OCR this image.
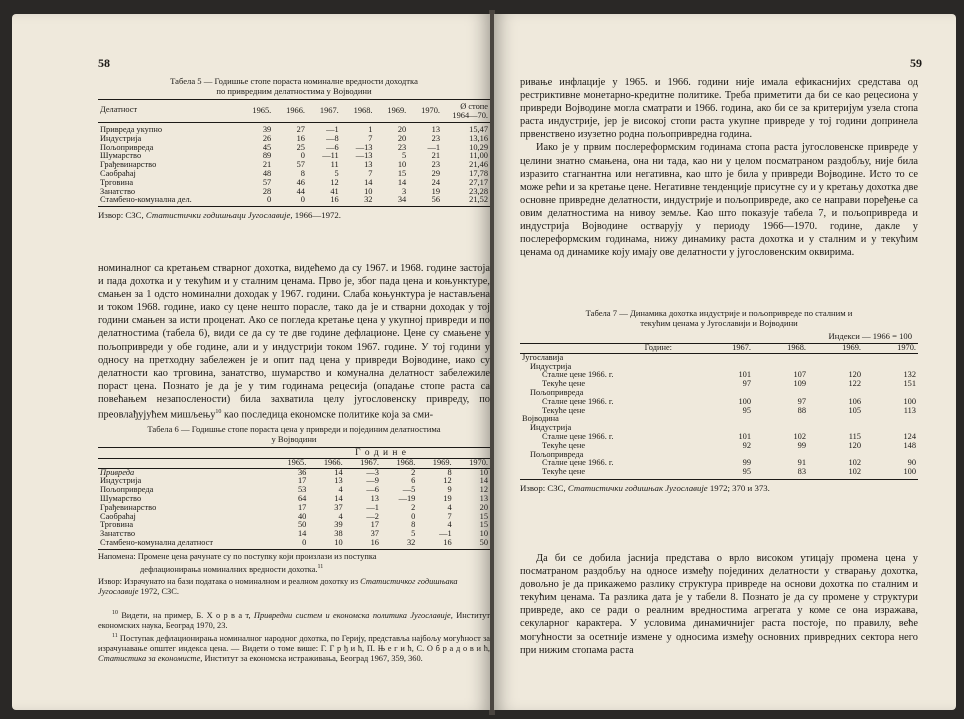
58

Табела 5 — Годишње стопе пораста номиналне вредности доходтка
по привредним делатностима у Војводини

Делатност	1965.	1966.	1967.	1968.	1969.	1970.	Ø стопе 1964—70.

Привреда укупно	39	27	—1	1	20	13	15,47
Индустрија	26	16	—8	7	20	23	13,16
Пољопривреда	45	25	—6	—13	23	—1	10,29
Шумарство	89	0	—11	—13	5	21	11,00
Грађевинарство	21	57	11	13	10	23	21,46
Саобраћај	48	8	5	7	15	29	17,78
Трговина	57	46	12	14	14	24	27,17
Занатство	28	44	41	10	3	19	23,28
Стамбено-комунална дел.	0	0	16	32	34	56	21,52

Извор: СЗС, Статистички годишњаци Југославије, 1966—1972.

номиналног са кретањем стварног дохотка, видећемо да су 1967. и 1968. године застоја и пада дохотка и у текућим и у сталним ценама. Прво је, због пада цена и коњунктуре, смањен за 1 одсто номинални доходак у 1967. години. Слаба коњунктура је настављена и током 1968. године, иако су цене нешто порасле, тако да је и стварни доходак у тој години смањен за исти проценат. Ако се погледа кретање цена у укупној привреди и по делатностима (табела 6), види се да су те две године дефлационе. Цене су смањене у пољопривреди у обе године, али и у индустрији током 1967. године. У тој години у односу на претходну забележен је и опит пад цена у привреди Војводине, иако су делатности као трговина, занатство, шумарство и комунална делатност забележиле пораст цена. Познато је да је у тим годинама рецесија (опадање стопе раста са повећањем незапослености) била захватила целу југословенску привреду, по преовлађујућем мишљењу$^{10}$ као последица економске политике која за сми-

Табела 6 — Годишње стопе пораста цена у привреди и појединим делатностима
у Војводини

	Г о д и н е					
	1965.	1966.	1967.	1968.	1969.	1970.
Привреда	36	14	—3	2	8	10
Индустрија	17	13	—9	6	12	14
Пољопривреда	53	4	—6	—5	9	12
Шумарство	64	14	13	—19	19	13
Грађевинарство	17	37	—1	2	4	20
Саобраћај	40	4	—2	0	7	15
Трговина	50	39	17	8	4	15
Занатство	14	38	37	5	—1	10
Стамбено-комунална делатност	0	10	16	32	16	50

Напомена: Промене цена рачунате су по поступку који произлази из поступка
дефлационирања номиналних вредности дохотка.$^{11}$

Извор: Израчунато на бази података о номиналном и реалном дохотку из Статистичког годишњака Југославије 1972, СЗС.

$^{10}$ Видети, на пример, Б. Х о р в а т, Привредни систем и економска политика Југославије, Институт економских наука, Београд 1970, 23.

$^{11}$ Поступак дефлационирања номиналног народног дохотка, по Герију, представља најбољу могућност за израчунавање општег индекса цена. — Видети о томе више: Г. Г р ђ и ћ, П. Њ е г и ћ, С. О б р а д о в и ћ, Статистика за економисте, Институт за економска истраживања, Београд 1967, 359, 360.

59

ривање инфлације у 1965. и 1966. години није имала ефикаснијих средстава од рестриктивне монетарно-кредитне политике. Треба приметити да би се као рецесиона у привреди Војводине могла сматрати и 1966. година, ако би се за критеријум узела стопа раста индустрије, јер је високој стопи раста укупне привреде у тој години допринела првенствено изузетно родна пољопривредна година.

Иако је у првим послереформским годинама стопа раста југословенске привреде у целини знатно смањена, она ни тада, као ни у целом посматраном раздобљу, није била изразито стагнантна или негативна, као што је била у привреди Војводине. Исто то се може рећи и за кретање цене. Негативне тенденције присутне су и у кретању дохотка две основне привредне делатности, индустрије и пољопривреде, ако се направи поређење са овим делатностима на нивоу земље. Као што показује табела 7, и пољопривреда и индустрија Војводине остварују у периоду 1966—1970. године, дакле у послереформским годинама, нижу динамику раста дохотка и у сталним и у текућим ценама од динамике коју имају ове делатности у југословенским оквирима.

Табела 7 — Динамика дохотка индустрије и пољопривреде по сталним и
текућим ценама у Југославији и Војводини

Индекси — 1966 = 100
Године:	1967.	1968.	1969.	1970.
Југославија				
Индустрија				
Сталне цене 1966. г.	101	107	120	132
Текуће цене	97	109	122	151
Пољопривреда				
Сталне цене 1966. г.	100	97	106	100
Текуће цене	95	88	105	113
Војводина				
Индустрија				
Сталне цене 1966. г.	101	102	115	124
Текуће цене	92	99	120	148
Пољопривреда				
Сталне цене 1966. г.	99	91	102	90
Текуће цене	95	83	102	100

Извор: СЗС, Статистички годишњак Југославије 1972; 370 и 373.

Да би се добила јаснија представа о врло високом утицају промена цена у посматраном раздобљу на односе између појединих делатности у стварању дохотка, довољно је да прикажемо разлику структура привреде на основи дохотка по сталним и текућим ценама. Та разлика дата је у табели 8. Познато је да су промене у структури привреде, ако се ради о реалним вредностима агрегата у коме се она изражава, секуларног карактера. У условима динамичнијег раста постоје, по правилу, веће могућности за осетније измене у односима између основних привредних сектора него при нижим стопама раста
